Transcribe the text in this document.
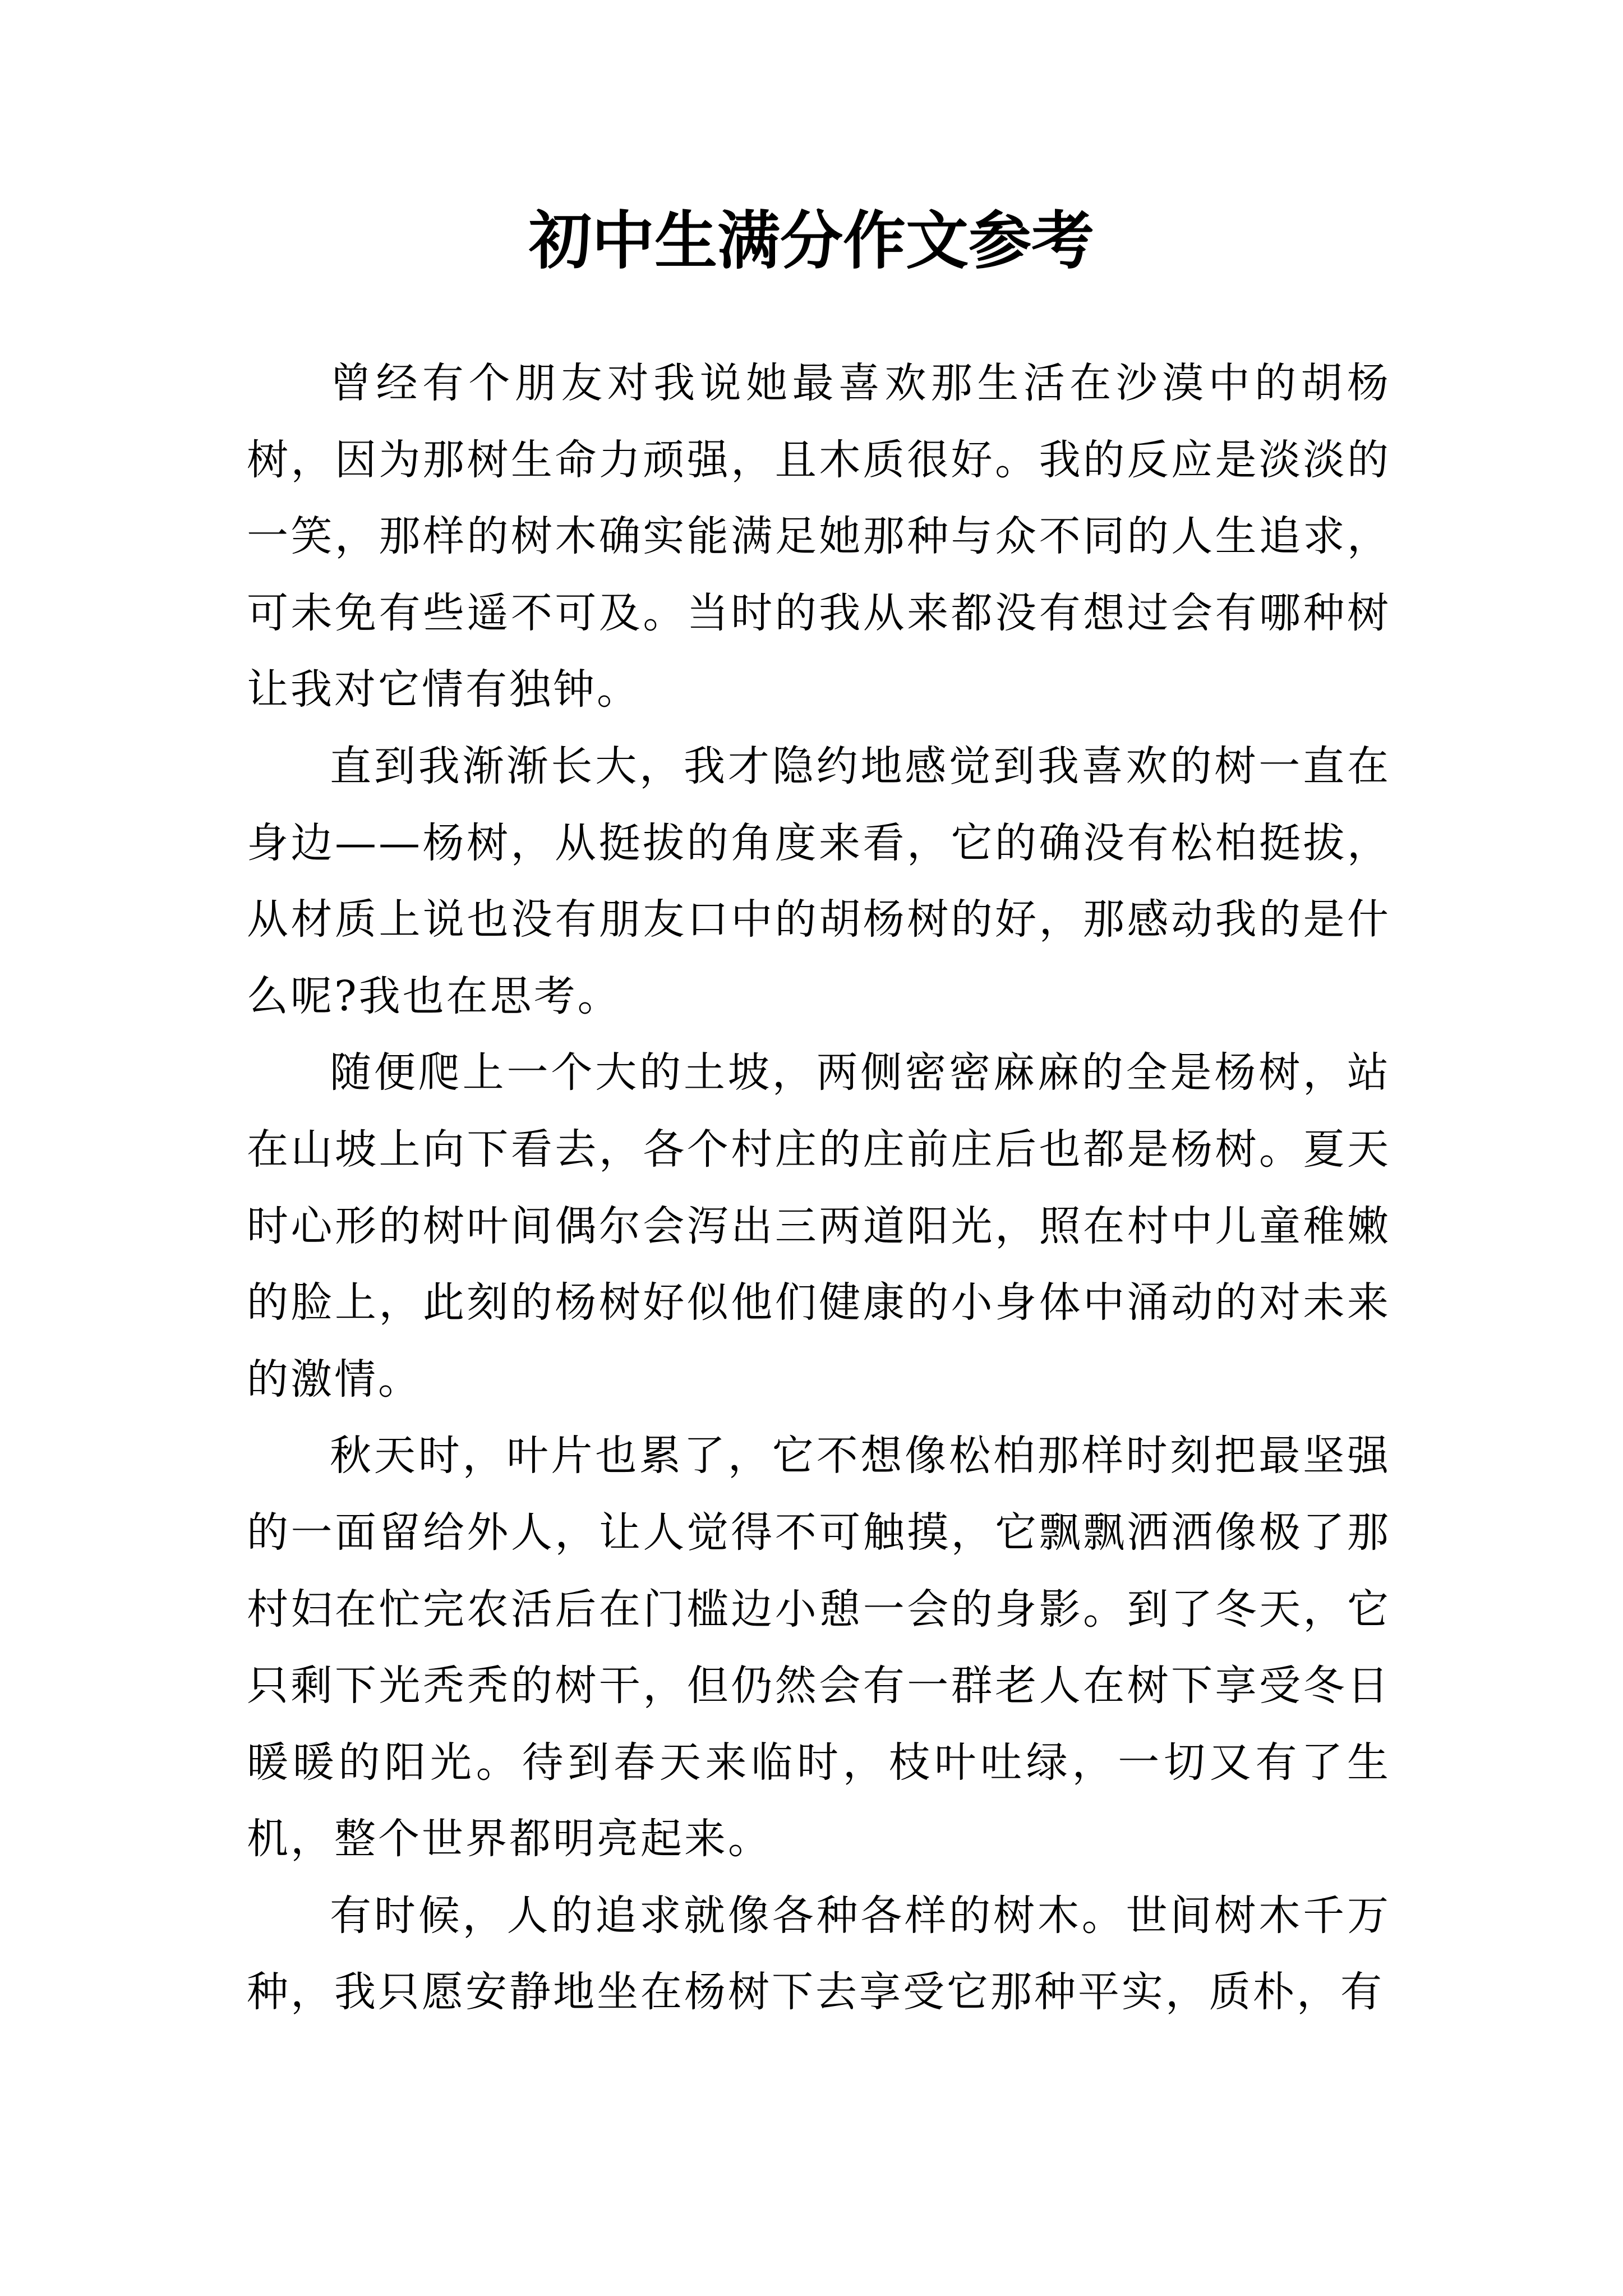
初中生满分作文参考

曾经有个朋友对我说她最喜欢那生活在沙漠中的胡杨树，因为那树生命力顽强，且木质很好。我的反应是淡淡的一笑，那样的树木确实能满足她那种与众不同的人生追求，可未免有些遥不可及。当时的我从来都没有想过会有哪种树让我对它情有独钟。

直到我渐渐长大，我才隐约地感觉到我喜欢的树一直在身边——杨树，从挺拔的角度来看，它的确没有松柏挺拔，从材质上说也没有朋友口中的胡杨树的好，那感动我的是什么呢?我也在思考。

随便爬上一个大的土坡，两侧密密麻麻的全是杨树，站在山坡上向下看去，各个村庄的庄前庄后也都是杨树。夏天时心形的树叶间偶尔会泻出三两道阳光，照在村中儿童稚嫩的脸上，此刻的杨树好似他们健康的小身体中涌动的对未来的激情。

秋天时，叶片也累了，它不想像松柏那样时刻把最坚强的一面留给外人，让人觉得不可触摸，它飘飘洒洒像极了那村妇在忙完农活后在门槛边小憩一会的身影。到了冬天，它只剩下光秃秃的树干，但仍然会有一群老人在树下享受冬日暖暖的阳光。待到春天来临时，枝叶吐绿，一切又有了生机，整个世界都明亮起来。

有时候，人的追求就像各种各样的树木。世间树木千万种，我只愿安静地坐在杨树下去享受它那种平实，质朴，有
